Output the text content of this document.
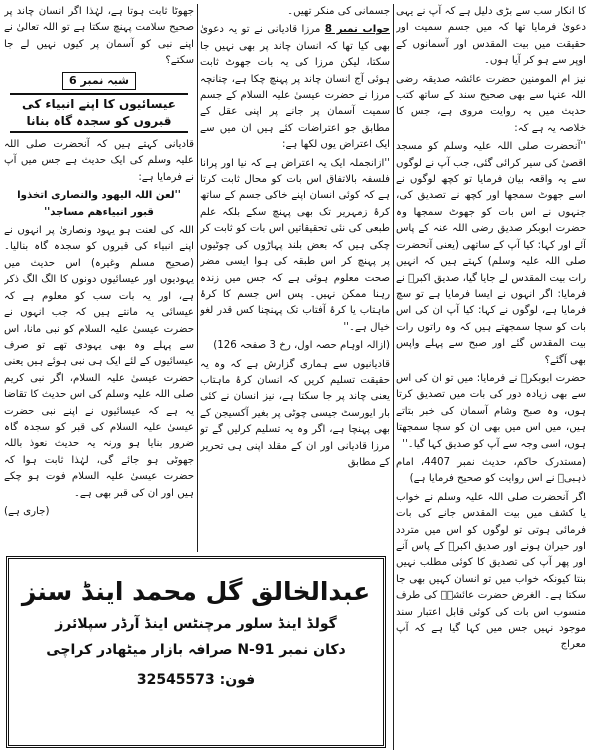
کا انکار سب سے بڑی دلیل ہے کہ آپ نے یہی دعویٰ فرمایا تھا کہ میں جسم سمیت اور حقیقت میں بیت المقدس اور آسمانوں کے اوپر سے ہو کر آیا ہوں۔

نیز ام المومنین حضرت عائشہ صدیقہ رضی اللہ عنہا سے بھی صحیح سند کے ساتھ کتب حدیث میں یہ روایت مروی ہے، جس کا خلاصہ یہ ہے کہ:

''آنحضرت صلی اللہ علیہ وسلم کو مسجد اقصیٰ کی سیر کرائی گئی، جب آپ نے لوگوں سے یہ واقعہ بیان فرمایا تو کچھ لوگوں نے اسے جھوٹ سمجھا اور کچھ نے تصدیق کی، جنہوں نے اس بات کو جھوٹ سمجھا وہ حضرت ابوبکر صدیق رضی اللہ عنہ کے پاس آئے اور کہا: کیا آپ کے ساتھی (یعنی آنحضرت صلی اللہ علیہ وسلم) کہتے ہیں کہ انہیں رات بیت المقدس لے جایا گیا، صدیق اکبرؓ نے فرمایا: اگر انہوں نے ایسا فرمایا ہے تو سچ فرمایا ہے، لوگوں نے کہا: کیا آپ ان کی اس بات کو سچا سمجھتے ہیں کہ وہ راتوں رات بیت المقدس گئے اور صبح سے پہلے واپس بھی آگئے؟

حضرت ابوبکرؓ نے فرمایا: میں تو ان کی اس سے بھی زیادہ دور کی بات میں تصدیق کرتا ہوں، وہ صبح وشام آسمان کی خبر بتاتے ہیں، میں اس میں بھی ان کو سچا سمجھتا ہوں، اسی وجہ سے آپ کو صدیق کہا گیا۔''

(مستدرک حاکم، حدیث نمبر 4407، امام ذہبیؒ نے اس روایت کو صحیح فرمایا ہے)

اگر آنحضرت صلی اللہ علیہ وسلم نے خواب یا کشف میں بیت المقدس جانے کی بات فرمائی ہوتی تو لوگوں کو اس میں متردد اور حیران ہونے اور صدیق اکبرؓ کے پاس آنے اور پھر آپ کی تصدیق کا کوئی مطلب نہیں بنتا کیونکہ خواب میں تو انسان کہیں بھی جا سکتا ہے۔ الغرض حضرت عائشہؓ کی طرف منسوب اس بات کی کوئی قابل اعتبار سند موجود نہیں جس میں کہا گیا ہے کہ آپ معراج

جسمانی کی منکر تھیں۔

جواب نمبر 8 مرزا قادیانی نے تو یہ دعویٰ بھی کیا تھا کہ انسان چاند پر بھی نہیں جا سکتا، لیکن مرزا کی یہ بات جھوٹ ثابت ہوئی آج انسان چاند پر پہنچ چکا ہے، چنانچہ مرزا نے حضرت عیسیٰ علیہ السلام کے جسم سمیت آسمان پر جانے پر اپنی عقل کے مطابق جو اعتراضات کئے ہیں ان میں سے ایک اعتراض یوں لکھا ہے:

''ازانجملہ ایک یہ اعتراض ہے کہ نیا اور پرانا فلسفہ بالاتفاق اس بات کو محال ثابت کرتا ہے کہ کوئی انسان اپنے خاکی جسم کے ساتھ کرۂ زمہریر تک بھی پہنچ سکے بلکہ علم طبعی کی نئی تحقیقاتیں اس بات کو ثابت کر چکی ہیں کہ بعض بلند پہاڑوں کی چوٹیوں پر پہنچ کر اس طبقہ کی ہوا ایسی مضر صحت معلوم ہوئی ہے کہ جس میں زندہ رہنا ممکن نہیں۔ پس اس جسم کا کرۂ ماہتاب یا کرۂ آفتاب تک پہنچنا کس قدر لغو خیال ہے۔''

(ازالہ اوہام حصہ اول، رخ 3 صفحہ 126)

قادیانیوں سے ہماری گزارش ہے کہ وہ یہ حقیقت تسلیم کریں کہ انسان کرۂ ماہتاب یعنی چاند پر جا سکتا ہے، نیز انسان نے کئی بار ایورسٹ جیسی چوٹی پر بغیر آکسیجن کے بھی پہنچا ہے، اگر وہ یہ تسلیم کرلیں گے تو مرزا قادیانی اور ان کے مقلد اپنی ہی تحریر کے مطابق

جھوٹا ثابت ہوتا ہے، لہٰذا اگر انسان چاند پر صحیح سلامت پہنچ سکتا ہے تو اللہ تعالیٰ نے اپنے نبی کو آسمان پر کیوں نہیں لے جا سکتے؟

شبہ نمبر 6
عیسائیوں کا اپنے انبیاء کی قبروں کو سجدہ گاہ بنانا

قادیانی کہتے ہیں کہ آنحضرت صلی اللہ علیہ وسلم کی ایک حدیث ہے جس میں آپ نے فرمایا ہے:

''لعن اللہ الیھود والنصاری اتخذوا قبور انبیاءھم مساجد''

اللہ کی لعنت ہو یہود ونصاریٰ پر انہوں نے اپنے انبیاء کی قبروں کو سجدہ گاہ بنالیا۔ (صحیح مسلم وغیرہ) اس حدیث میں یہودیوں اور عیسائیوں دونوں کا الگ الگ ذکر ہے، اور یہ بات سب کو معلوم ہے کہ عیسائی یہ مانتے ہیں کہ جب انہوں نے حضرت عیسیٰ علیہ السلام کو نبی مانا، اس سے پہلے وہ بھی یہودی تھے تو صرف عیسائیوں کے لئے ایک ہی نبی ہوئے ہیں یعنی حضرت عیسیٰ علیہ السلام، اگر نبی کریم صلی اللہ علیہ وسلم کی اس حدیث کا تقاضا یہ ہے کہ عیسائیوں نے اپنے نبی حضرت عیسیٰ علیہ السلام کی قبر کو سجدہ گاہ ضرور بنایا ہو ورنہ یہ حدیث نعوذ باللہ جھوٹی ہو جائے گی، لہٰذا ثابت ہوا کہ حضرت عیسیٰ علیہ السلام فوت ہو چکے ہیں اور ان کی قبر بھی ہے۔

(جاری ہے)

عبدالخالق گل محمد اینڈ سنز
گولڈ اینڈ سلور مرچنٹس اینڈ آرڈر سپلائرز
دکان نمبر N-91 صرافہ بازار میٹھادر کراچی
فون: 32545573
